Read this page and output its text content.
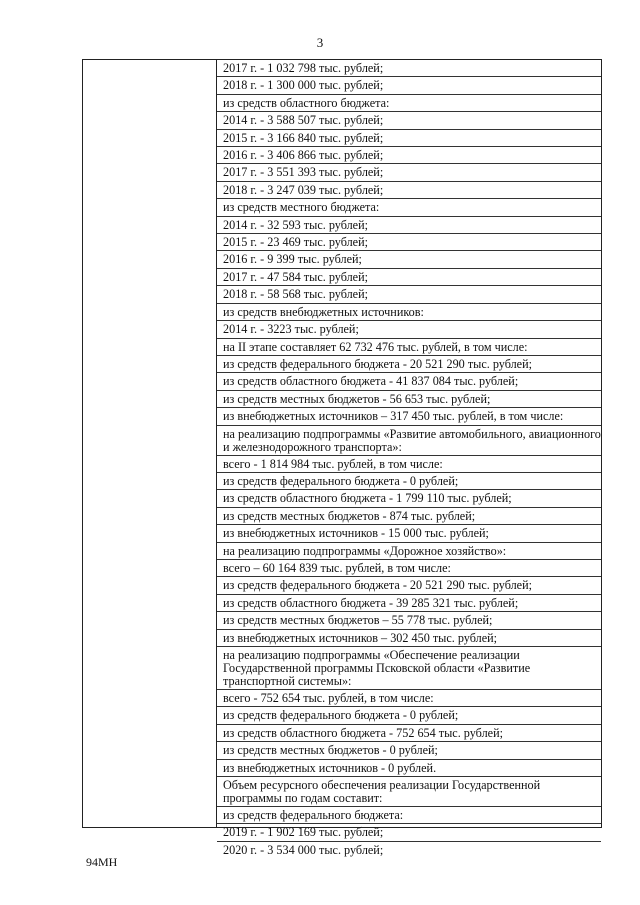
3
2017 г. - 1 032 798 тыс. рублей;
2018 г. - 1 300 000 тыс. рублей;
из средств областного бюджета:
2014 г. - 3 588 507 тыс. рублей;
2015 г. - 3 166 840 тыс. рублей;
2016 г. - 3 406 866 тыс. рублей;
2017 г. - 3 551 393 тыс. рублей;
2018 г. - 3 247 039 тыс. рублей;
из средств местного бюджета:
2014 г. - 32 593 тыс. рублей;
2015 г. - 23 469 тыс. рублей;
2016 г. - 9 399 тыс. рублей;
2017 г. - 47 584 тыс. рублей;
2018 г. - 58 568 тыс. рублей;
из средств внебюджетных источников:
2014 г. - 3223 тыс. рублей;
на II этапе составляет 62 732 476 тыс. рублей, в том числе:
из средств федерального бюджета - 20 521 290 тыс. рублей;
из средств областного бюджета - 41 837 084 тыс. рублей;
из средств местных бюджетов - 56 653 тыс. рублей;
из внебюджетных источников – 317 450 тыс. рублей, в том числе:
на реализацию подпрограммы «Развитие автомобильного, авиационного и железнодорожного транспорта»:
всего - 1 814 984 тыс. рублей, в том числе:
из средств федерального бюджета - 0 рублей;
из средств областного бюджета - 1 799 110 тыс. рублей;
из средств местных бюджетов - 874 тыс. рублей;
из внебюджетных источников - 15 000 тыс. рублей;
на реализацию подпрограммы «Дорожное хозяйство»:
всего – 60 164 839 тыс. рублей, в том числе:
из средств федерального бюджета - 20 521 290 тыс. рублей;
из средств областного бюджета - 39 285 321 тыс. рублей;
из средств местных бюджетов – 55 778 тыс. рублей;
из внебюджетных источников – 302 450 тыс. рублей;
на реализацию подпрограммы «Обеспечение реализации Государственной программы Псковской области «Развитие транспортной системы»:
всего - 752 654 тыс. рублей, в том числе:
из средств федерального бюджета - 0 рублей;
из средств областного бюджета - 752 654 тыс. рублей;
из средств местных бюджетов - 0 рублей;
из внебюджетных источников - 0 рублей.
Объем ресурсного обеспечения реализации Государственной программы по годам составит:
из средств федерального бюджета:
2019 г. - 1 902 169 тыс. рублей;
2020 г. - 3 534 000 тыс. рублей;
94МН
